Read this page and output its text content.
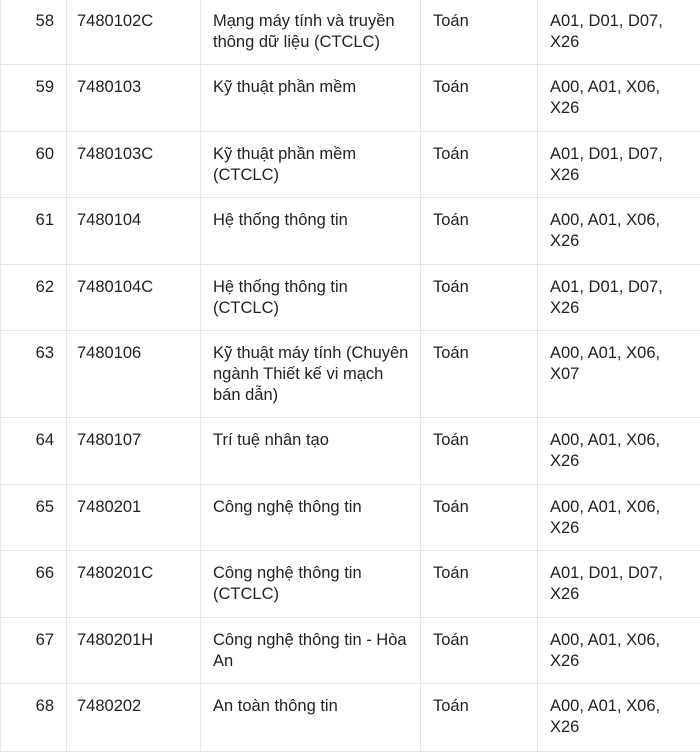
58	7480102C	Mạng máy tính và truyền thông dữ liệu (CTCLC)	Toán	A01, D01, D07, X26
59	7480103	Kỹ thuật phần mềm	Toán	A00, A01, X06, X26
60	7480103C	Kỹ thuật phần mềm (CTCLC)	Toán	A01, D01, D07, X26
61	7480104	Hệ thống thông tin	Toán	A00, A01, X06, X26
62	7480104C	Hệ thống thông tin (CTCLC)	Toán	A01, D01, D07, X26
63	7480106	Kỹ thuật máy tính (Chuyên ngành Thiết kế vi mạch bán dẫn)	Toán	A00, A01, X06, X07
64	7480107	Trí tuệ nhân tạo	Toán	A00, A01, X06, X26
65	7480201	Công nghệ thông tin	Toán	A00, A01, X06, X26
66	7480201C	Công nghệ thông tin (CTCLC)	Toán	A01, D01, D07, X26
67	7480201H	Công nghệ thông tin - Hòa An	Toán	A00, A01, X06, X26
68	7480202	An toàn thông tin	Toán	A00, A01, X06, X26
